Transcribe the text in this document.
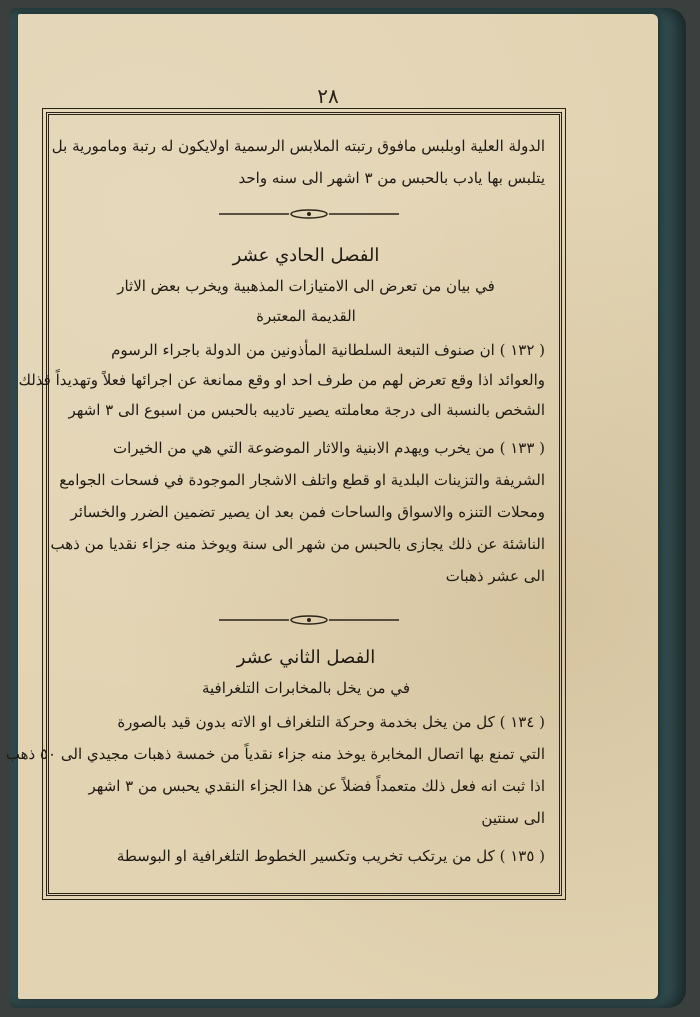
٢٨
الدولة العلية اوبلبس مافوق رتبته الملابس الرسمية اولايكون له رتبة ومامورية بل
يتلبس بها يادب بالحبس من ٣ اشهر الى سنه واحد
الفصل الحادي عشر
في بيان من تعرض الى الامتيازات المذهبية ويخرب بعض الاثار
القديمة المعتبرة
( ١٣٢ ) ان صنوف التبعة السلطانية المأذونين من الدولة باجراء الرسوم
والعوائد اذا وقع تعرض لهم من طرف احد او وقع ممانعة عن اجرائها فعلاً وتهديداً فذلك
الشخص بالنسبة الى درجة معاملته يصير تاديبه بالحبس من اسبوع الى ٣ اشهر
( ١٣٣ ) من يخرب ويهدم الابنية والاثار الموضوعة التي هي من الخيرات
الشريفة والتزينات البلدية او قطع واتلف الاشجار الموجودة في فسحات الجوامع
ومحلات التنزه والاسواق والساحات فمن بعد ان يصير تضمين الضرر والخسائر
الناشئة عن ذلك يجازى بالحبس من شهر الى سنة ويوخذ منه جزاء نقديا من ذهب
الى عشر ذهبات
الفصل الثاني عشر
في من يخل بالمخابرات التلغرافية
( ١٣٤ ) كل من يخل بخدمة وحركة التلغراف او الاته بدون قيد بالصورة
التي تمنع بها اتصال المخابرة يوخذ منه جزاء نقدياً من خمسة ذهبات مجيدي الى ٥٠ ذهب
اذا ثبت انه فعل ذلك متعمداً فضلاً عن هذا الجزاء النقدي يحبس من ٣ اشهر
الى سنتين
( ١٣٥ ) كل من يرتكب تخريب وتكسير الخطوط التلغرافية او البوسطة
